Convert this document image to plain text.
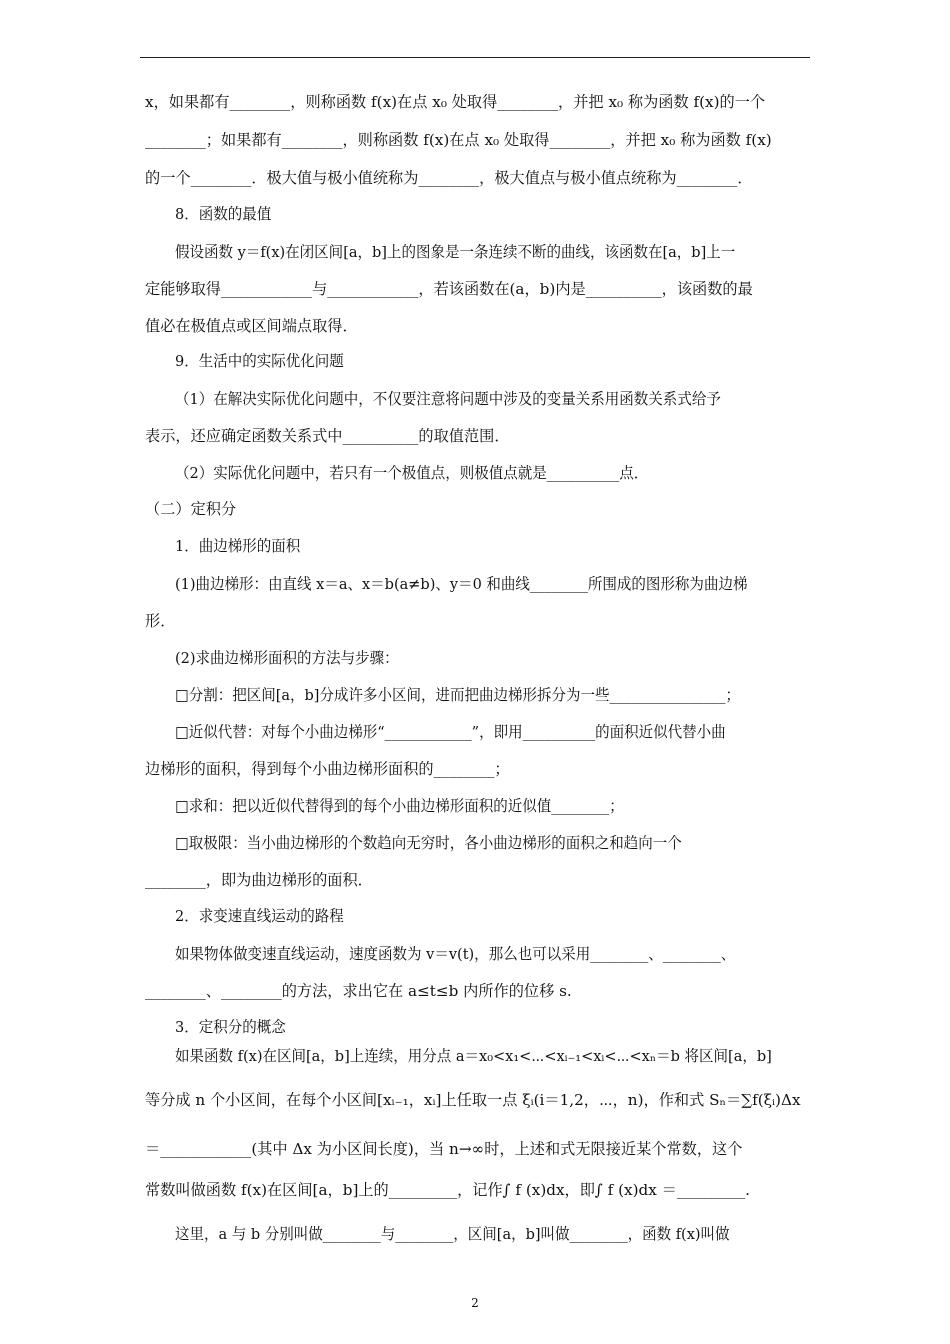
x，如果都有________，则称函数 f(x)在点 x₀ 处取得________，并把 x₀ 称为函数 f(x)的一个
________；如果都有________，则称函数 f(x)在点 x₀ 处取得________，并把 x₀ 称为函数 f(x)
的一个________．极大值与极小值统称为________，极大值点与极小值点统称为________．
8．函数的最值
假设函数 y＝f(x)在闭区间[a，b]上的图象是一条连续不断的曲线，该函数在[a，b]上一
定能够取得____________与____________，若该函数在(a，b)内是__________，该函数的最
值必在极值点或区间端点取得．
9．生活中的实际优化问题
（1）在解决实际优化问题中，不仅要注意将问题中涉及的变量关系用函数关系式给予
表示，还应确定函数关系式中__________的取值范围．
（2）实际优化问题中，若只有一个极值点，则极值点就是__________点．
（二）定积分
1．曲边梯形的面积
(1)曲边梯形：由直线 x＝a、x＝b(a≠b)、y＝0 和曲线________所围成的图形称为曲边梯
形．
(2)求曲边梯形面积的方法与步骤：
□分割：把区间[a，b]分成许多小区间，进而把曲边梯形拆分为一些________________；
□近似代替：对每个小曲边梯形“____________”，即用__________的面积近似代替小曲
边梯形的面积，得到每个小曲边梯形面积的________；
□求和：把以近似代替得到的每个小曲边梯形面积的近似值________；
□取极限：当小曲边梯形的个数趋向无穷时，各小曲边梯形的面积之和趋向一个
________，即为曲边梯形的面积．
2．求变速直线运动的路程
如果物体做变速直线运动，速度函数为 v＝v(t)，那么也可以采用________、________、
________、________的方法，求出它在 a≤t≤b 内所作的位移 s.
3．定积分的概念
如果函数 f(x)在区间[a，b]上连续，用分点 a＝x₀<x₁<⋯<xᵢ₋₁<xᵢ<⋯<xₙ＝b 将区间[a，b]
等分成 n 个小区间，在每个小区间[xᵢ₋₁，xᵢ]上任取一点 ξᵢ(i＝1,2，⋯，n)，作和式 Sₙ＝∑f(ξᵢ)Δx
＝____________(其中 Δx 为小区间长度)，当 n→∞时，上述和式无限接近某个常数，这个
常数叫做函数 f(x)在区间[a，b]上的_________，记作∫ f (x)dx，即∫ f (x)dx ＝_________.
这里，a 与 b 分别叫做________与________，区间[a，b]叫做________，函数 f(x)叫做
2
